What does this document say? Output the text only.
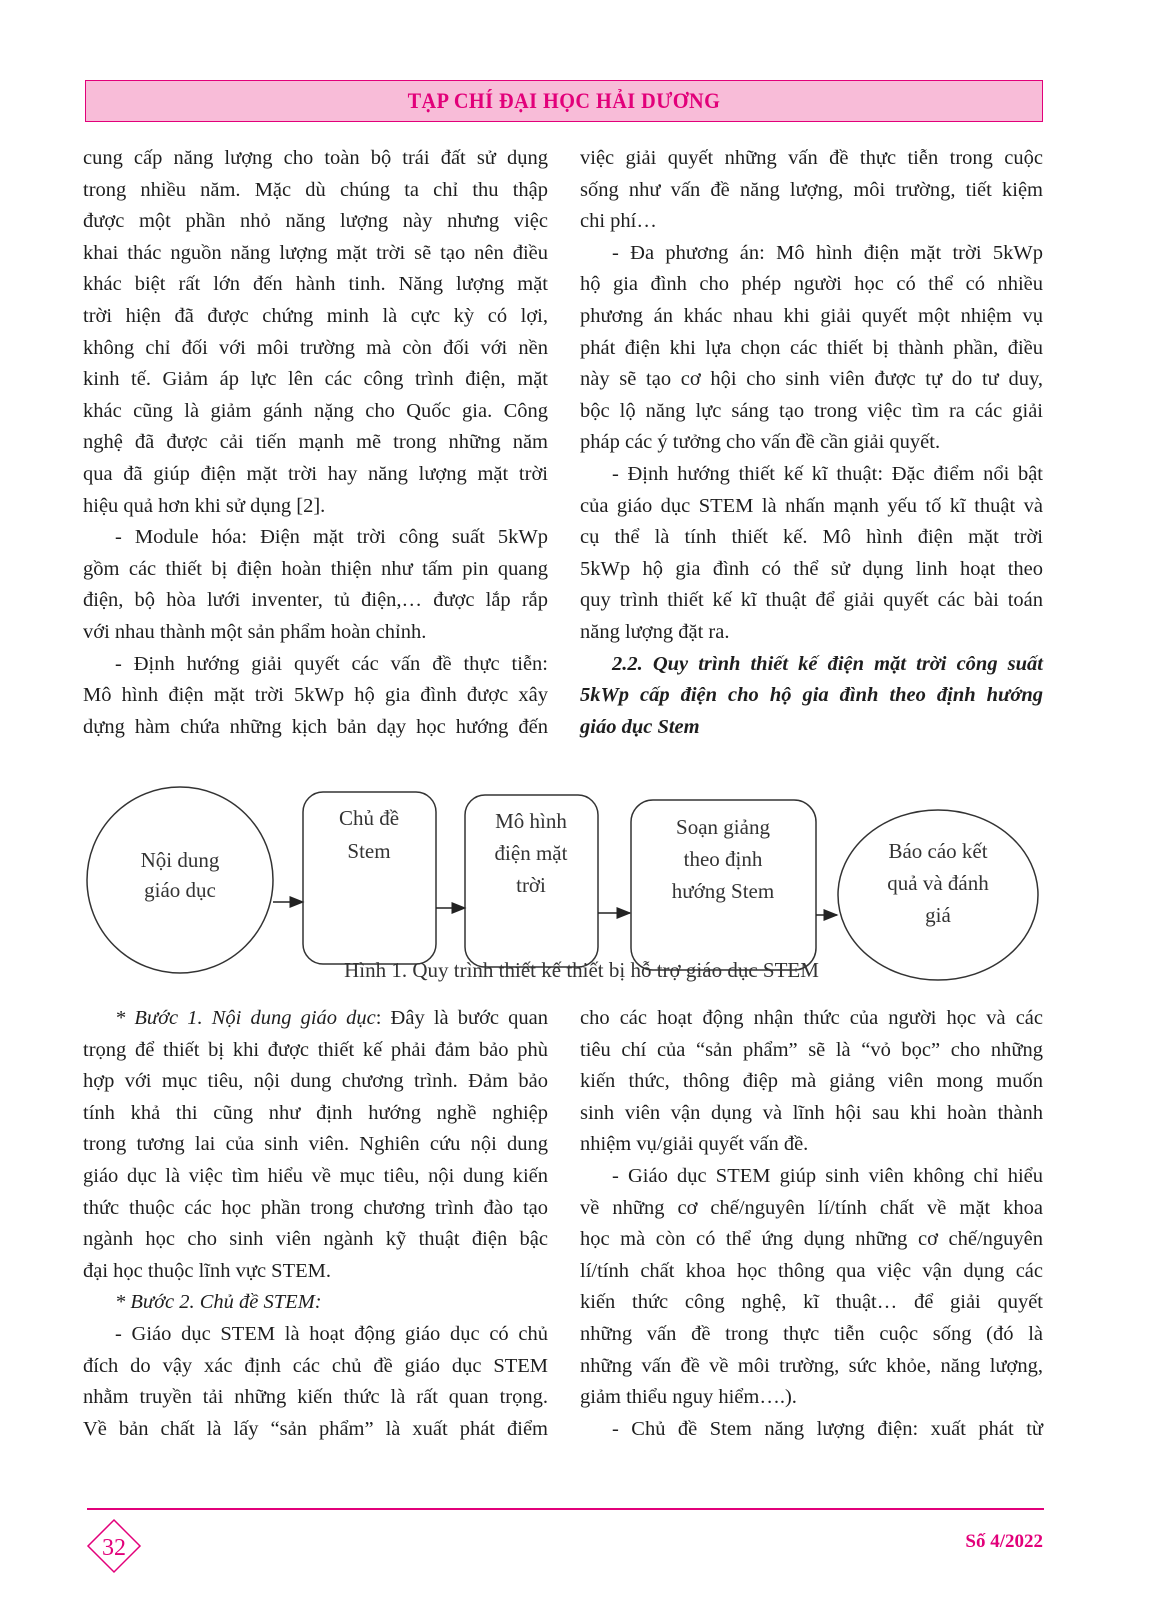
TẠP CHÍ ĐẠI HỌC HẢI DƯƠNG
cung cấp năng lượng cho toàn bộ trái đất sử dụng
trong nhiều năm. Mặc dù chúng ta chỉ thu thập
được một phần nhỏ năng lượng này nhưng việc
khai thác nguồn năng lượng mặt trời sẽ tạo nên điều
khác biệt rất lớn đến hành tinh. Năng lượng mặt
trời hiện đã được chứng minh là cực kỳ có lợi,
không chỉ đối với môi trường mà còn đối với nền
kinh tế. Giảm áp lực lên các công trình điện, mặt
khác cũng là giảm gánh nặng cho Quốc gia. Công
nghệ đã được cải tiến mạnh mẽ trong những năm
qua đã giúp điện mặt trời hay năng lượng mặt trời
hiệu quả hơn khi sử dụng [2].
- Module hóa: Điện mặt trời công suất 5kWp
gồm các thiết bị điện hoàn thiện như tấm pin quang
điện, bộ hòa lưới inventer, tủ điện,… được lắp rắp
với nhau thành một sản phẩm hoàn chỉnh.
- Định hướng giải quyết các vấn đề thực tiễn:
Mô hình điện mặt trời 5kWp hộ gia đình được xây
dựng hàm chứa những kịch bản dạy học hướng đến
việc giải quyết những vấn đề thực tiễn trong cuộc
sống như vấn đề năng lượng, môi trường, tiết kiệm
chi phí…
- Đa phương án: Mô hình điện mặt trời 5kWp
hộ gia đình cho phép người học có thể có nhiều
phương án khác nhau khi giải quyết một nhiệm vụ
phát điện khi lựa chọn các thiết bị thành phần, điều
này sẽ tạo cơ hội cho sinh viên được tự do tư duy,
bộc lộ năng lực sáng tạo trong việc tìm ra các giải
pháp các ý tưởng cho vấn đề cần giải quyết.
- Định hướng thiết kế kĩ thuật: Đặc điểm nổi bật
của giáo dục STEM là nhấn mạnh yếu tố kĩ thuật và
cụ thể là tính thiết kế. Mô hình điện mặt trời
5kWp hộ gia đình có thể sử dụng linh hoạt theo
quy trình thiết kế kĩ thuật để giải quyết các bài toán
năng lượng đặt ra.
2.2. Quy trình thiết kế điện mặt trời công suất
5kWp cấp điện cho hộ gia đình theo định hướng
giáo dục Stem
Nội dung
giáo dục
Chủ đề
Stem
Mô hình
điện mặt
trời
Soạn giảng
theo định
hướng Stem
Báo cáo kết
quả và đánh
giá
Hình 1. Quy trình thiết kế thiết bị hỗ trợ giáo dục STEM
* Bước 1. Nội dung giáo dục: Đây là bước quan
trọng để thiết bị khi được thiết kế phải đảm bảo phù
hợp với mục tiêu, nội dung chương trình. Đảm bảo
tính khả thi cũng như định hướng nghề nghiệp
trong tương lai của sinh viên. Nghiên cứu nội dung
giáo dục là việc tìm hiểu về mục tiêu, nội dung kiến
thức thuộc các học phần trong chương trình đào tạo
ngành học cho sinh viên ngành kỹ thuật điện bậc
đại học thuộc lĩnh vực STEM.
* Bước 2. Chủ đề STEM:
- Giáo dục STEM là hoạt động giáo dục có chủ
đích do vậy xác định các chủ đề giáo dục STEM
nhằm truyền tải những kiến thức là rất quan trọng.
Về bản chất là lấy “sản phẩm” là xuất phát điểm
cho các hoạt động nhận thức của người học và các
tiêu chí của “sản phẩm” sẽ là “vỏ bọc” cho những
kiến thức, thông điệp mà giảng viên mong muốn
sinh viên vận dụng và lĩnh hội sau khi hoàn thành
nhiệm vụ/giải quyết vấn đề.
- Giáo dục STEM giúp sinh viên không chỉ hiểu
về những cơ chế/nguyên lí/tính chất về mặt khoa
học mà còn có thể ứng dụng những cơ chế/nguyên
lí/tính chất khoa học thông qua việc vận dụng các
kiến thức công nghệ, kĩ thuật… để giải quyết
những vấn đề trong thực tiễn cuộc sống (đó là
những vấn đề về môi trường, sức khỏe, năng lượng,
giảm thiểu nguy hiểm….).
- Chủ đề Stem năng lượng điện: xuất phát từ
32	Số 4/2022
